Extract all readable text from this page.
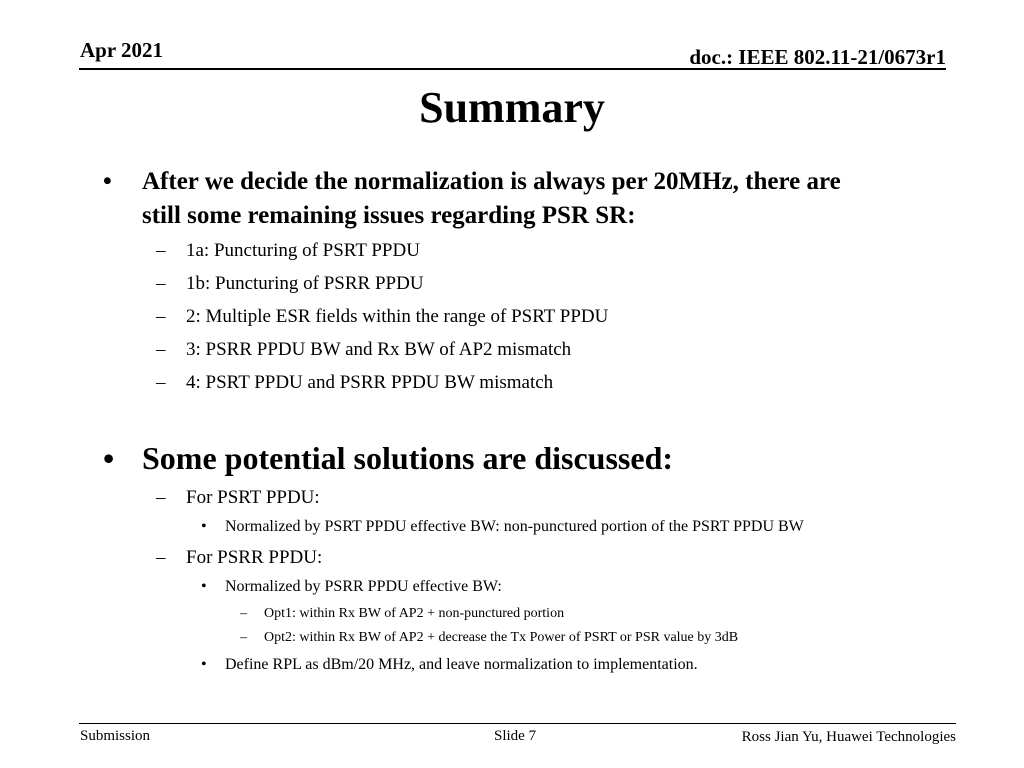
Apr 2021	doc.: IEEE 802.11-21/0673r1
Summary
• After we decide the normalization is always per 20MHz, there are
still some remaining issues regarding PSR SR:
– 1a: Puncturing of PSRT PPDU
– 1b: Puncturing of PSRR PPDU
– 2: Multiple ESR fields within the range of PSRT PPDU
– 3: PSRR PPDU BW and Rx BW of AP2 mismatch
– 4: PSRT PPDU and PSRR PPDU BW mismatch
• Some potential solutions are discussed:
– For PSRT PPDU:
• Normalized by PSRT PPDU effective BW: non-punctured portion of the PSRT PPDU BW
– For PSRR PPDU:
• Normalized by PSRR PPDU effective BW:
– Opt1: within Rx BW of AP2 + non-punctured portion
– Opt2: within Rx BW of AP2 + decrease the Tx Power of PSRT or PSR value by 3dB
• Define RPL as dBm/20 MHz, and leave normalization to implementation.
Submission	Slide 7	Ross Jian Yu, Huawei Technologies
